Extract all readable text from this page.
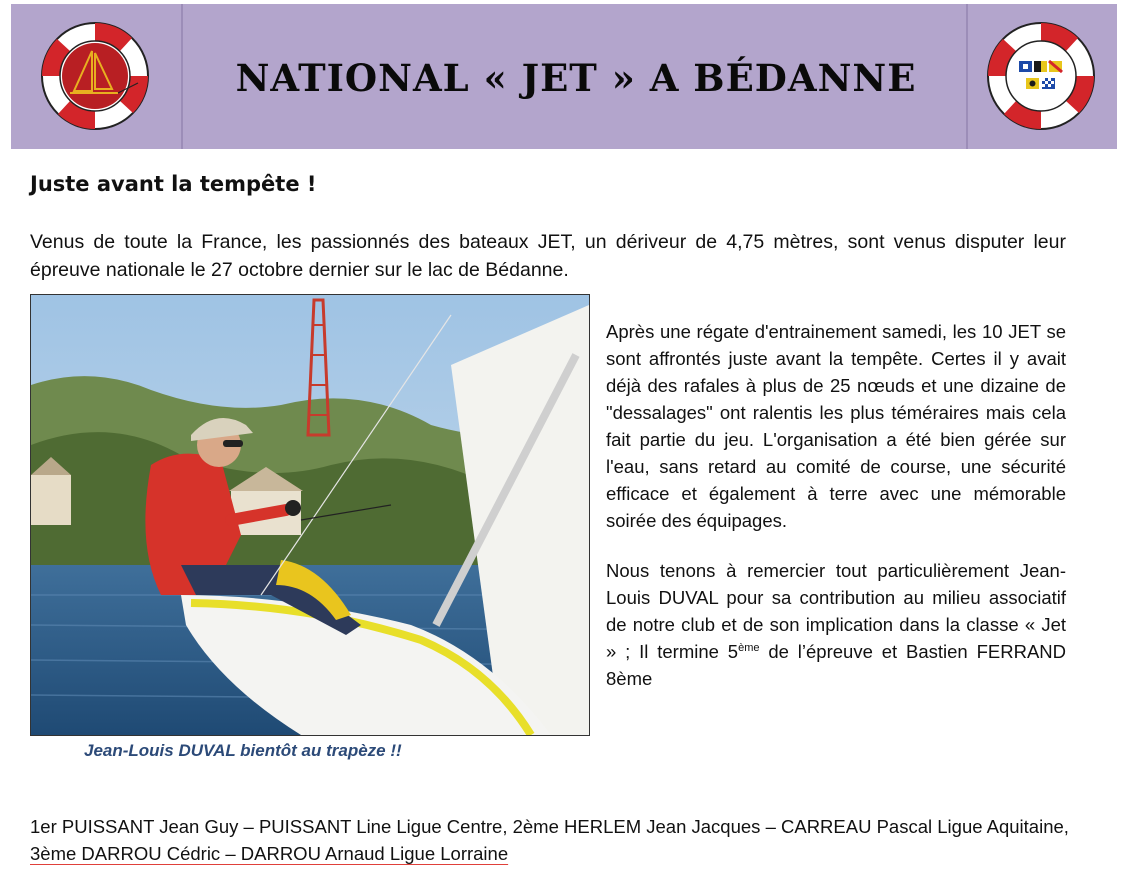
NATIONAL « JET » A BÉDANNE
Juste avant la tempête !
Venus de toute la France, les passionnés des bateaux JET, un dériveur de 4,75 mètres, sont venus disputer leur épreuve nationale le 27 octobre dernier sur le lac de Bédanne.
Jean-Louis DUVAL bientôt au trapèze !!

Après une régate d'entrainement samedi, les 10 JET se sont affrontés juste avant la tempête. Certes il y avait déjà des rafales à plus de 25 nœuds et une dizaine de "dessalages" ont ralentis les plus téméraires mais cela fait partie du jeu. L'organisation a été bien gérée sur l'eau, sans retard au comité de course, une sécurité efficace et également à terre avec une mémorable soirée des équipages.

Nous tenons à remercier tout particulièrement Jean-Louis DUVAL pour sa contribution au milieu associatif de notre club et de son implication dans la classe « Jet » ; Il termine 5ème de l’épreuve et Bastien FERRAND 8ème

1er PUISSANT Jean Guy – PUISSANT Line Ligue Centre, 2ème HERLEM Jean Jacques – CARREAU Pascal Ligue Aquitaine, 3ème DARROU Cédric – DARROU Arnaud Ligue Lorraine
